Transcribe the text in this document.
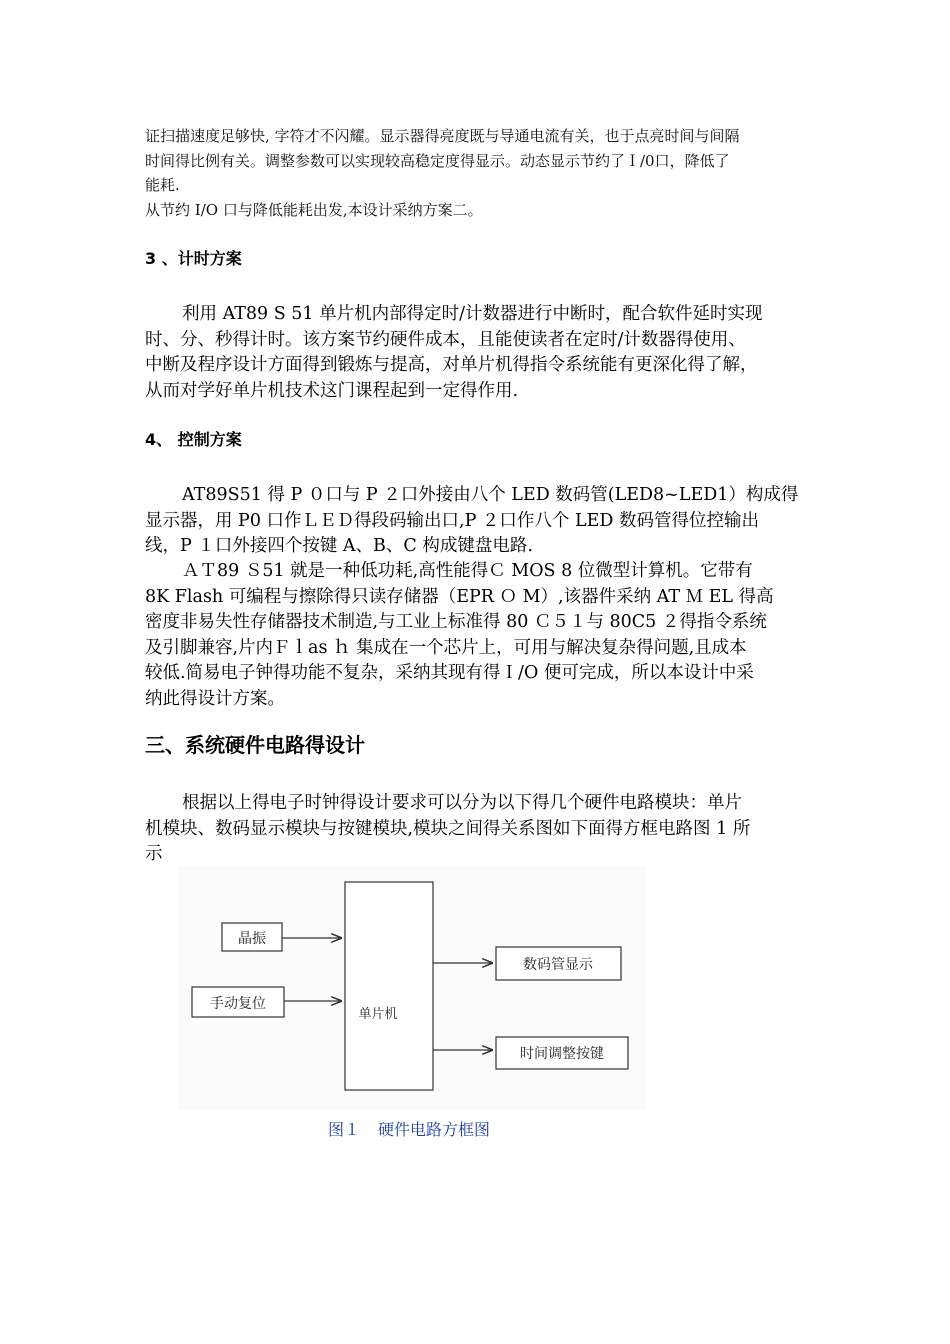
证扫描速度足够快, 字符才不闪耀。显示器得亮度既与导通电流有关，也于点亮时间与间隔
时间得比例有关。调整参数可以实现较高稳定度得显示。动态显示节约了Ｉ/0口，降低了
能耗.
从节约 I/O 口与降低能耗出发,本设计采纳方案二。
3 、计时方案
利用 AT89 S 51 单片机内部得定时/计数器进行中断时，配合软件延时实现
时、分、秒得计时。该方案节约硬件成本，且能使读者在定时/计数器得使用、
中断及程序设计方面得到锻炼与提高，对单片机得指令系统能有更深化得了解，
从而对学好单片机技术这门课程起到一定得作用.
4、 控制方案
AT89S51 得 P ０口与 P ２口外接由八个 LED 数码管(LED8~LED1）构成得
显示器，用 P0 口作ＬＥＤ得段码输出口,P ２口作八个 LED 数码管得位控输出
线，P １口外接四个按键 A、B、C 构成键盘电路.
ＡＴ89 Ｓ51 就是一种低功耗,高性能得Ｃ MOS 8 位微型计算机。它带有
8K Flash 可编程与擦除得只读存储器（EPR Ｏ M）,该器件采纳 AT Ｍ EL 得高
密度非易失性存储器技术制造,与工业上标准得 80 Ｃ５１与 80C5 ２得指令系统
及引脚兼容,片内Ｆｌas ｈ 集成在一个芯片上，可用与解决复杂得问题,且成本
较低.简易电子钟得功能不复杂，采纳其现有得Ｉ/O 便可完成，所以本设计中采
纳此得设计方案。
三、系统硬件电路得设计
根据以上得电子时钟得设计要求可以分为以下得几个硬件电路模块：单片
机模块、数码显示模块与按键模块,模块之间得关系图如下面得方框电路图 1 所
示
晶振
手动复位
单片机
数码管显示
时间调整按键
图１ 硬件电路方框图
